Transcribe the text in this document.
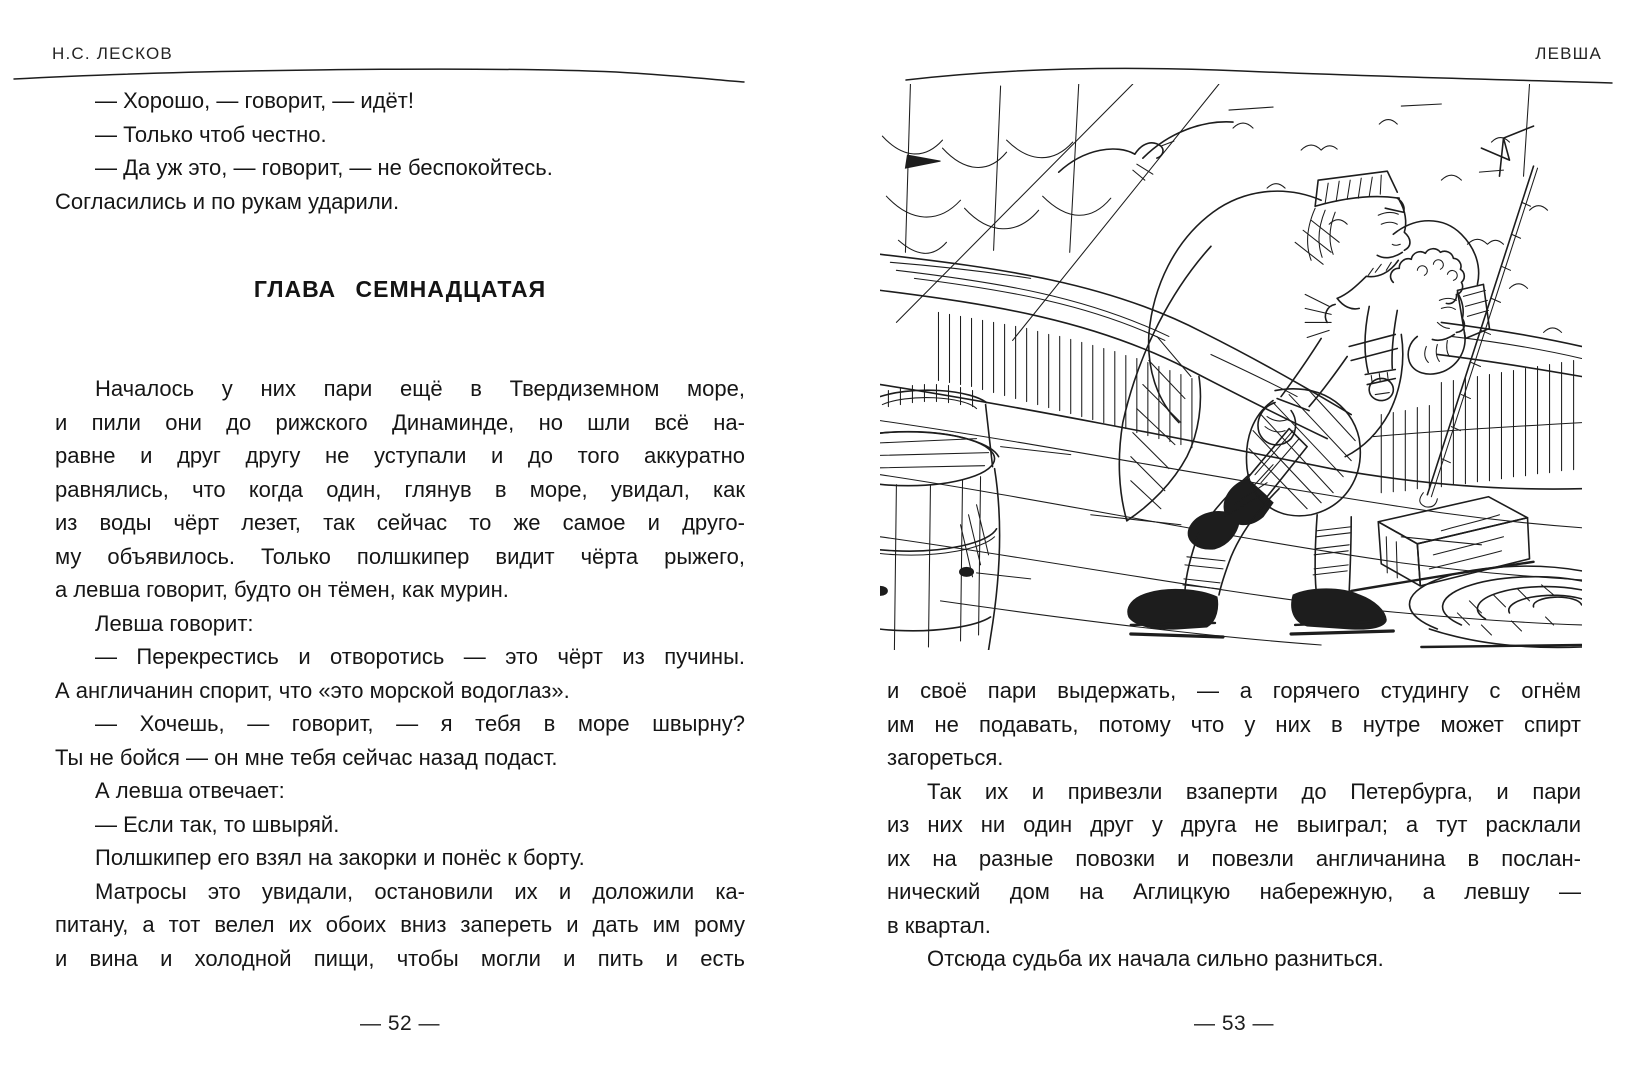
Н.С. ЛЕСКОВ	ЛЕВША
— Хорошо, — говорит, — идёт!
— Только чтоб честно.
— Да уж это, — говорит, — не беспокойтесь.
Согласились и по рукам ударили.
ГЛАВА СЕМНАДЦАТАЯ
Началось у них пари ещё в Твердиземном море,
и пили они до рижского Динаминде, но шли всё на-
равне и друг другу не уступали и до того аккуратно
равнялись, что когда один, глянув в море, увидал, как
из воды чёрт лезет, так сейчас то же самое и друго-
му объявилось. Только полшкипер видит чёрта рыжего,
а левша говорит, будто он тёмен, как мурин.
Левша говорит:
— Перекрестись и отворотись — это чёрт из пучины.
А англичанин спорит, что «это морской водоглаз».
— Хочешь, — говорит, — я тебя в море швырну?
Ты не бойся — он мне тебя сейчас назад подаст.
А левша отвечает:
— Если так, то швыряй.
Полшкипер его взял на закорки и понёс к борту.
Матросы это увидали, остановили их и доложили ка-
питану, а тот велел их обоих вниз запереть и дать им рому
и вина и холодной пищи, чтобы могли и пить и есть
— 52 —
и своё пари выдержать, — а горячего студингу с огнём
им не подавать, потому что у них в нутре может спирт
загореться.
Так их и привезли взаперти до Петербурга, и пари
из них ни один друг у друга не выиграл; а тут расклали
их на разные повозки и повезли англичанина в послан-
нический дом на Аглицкую набережную, а левшу —
в квартал.
Отсюда судьба их начала сильно разниться.
— 53 —
